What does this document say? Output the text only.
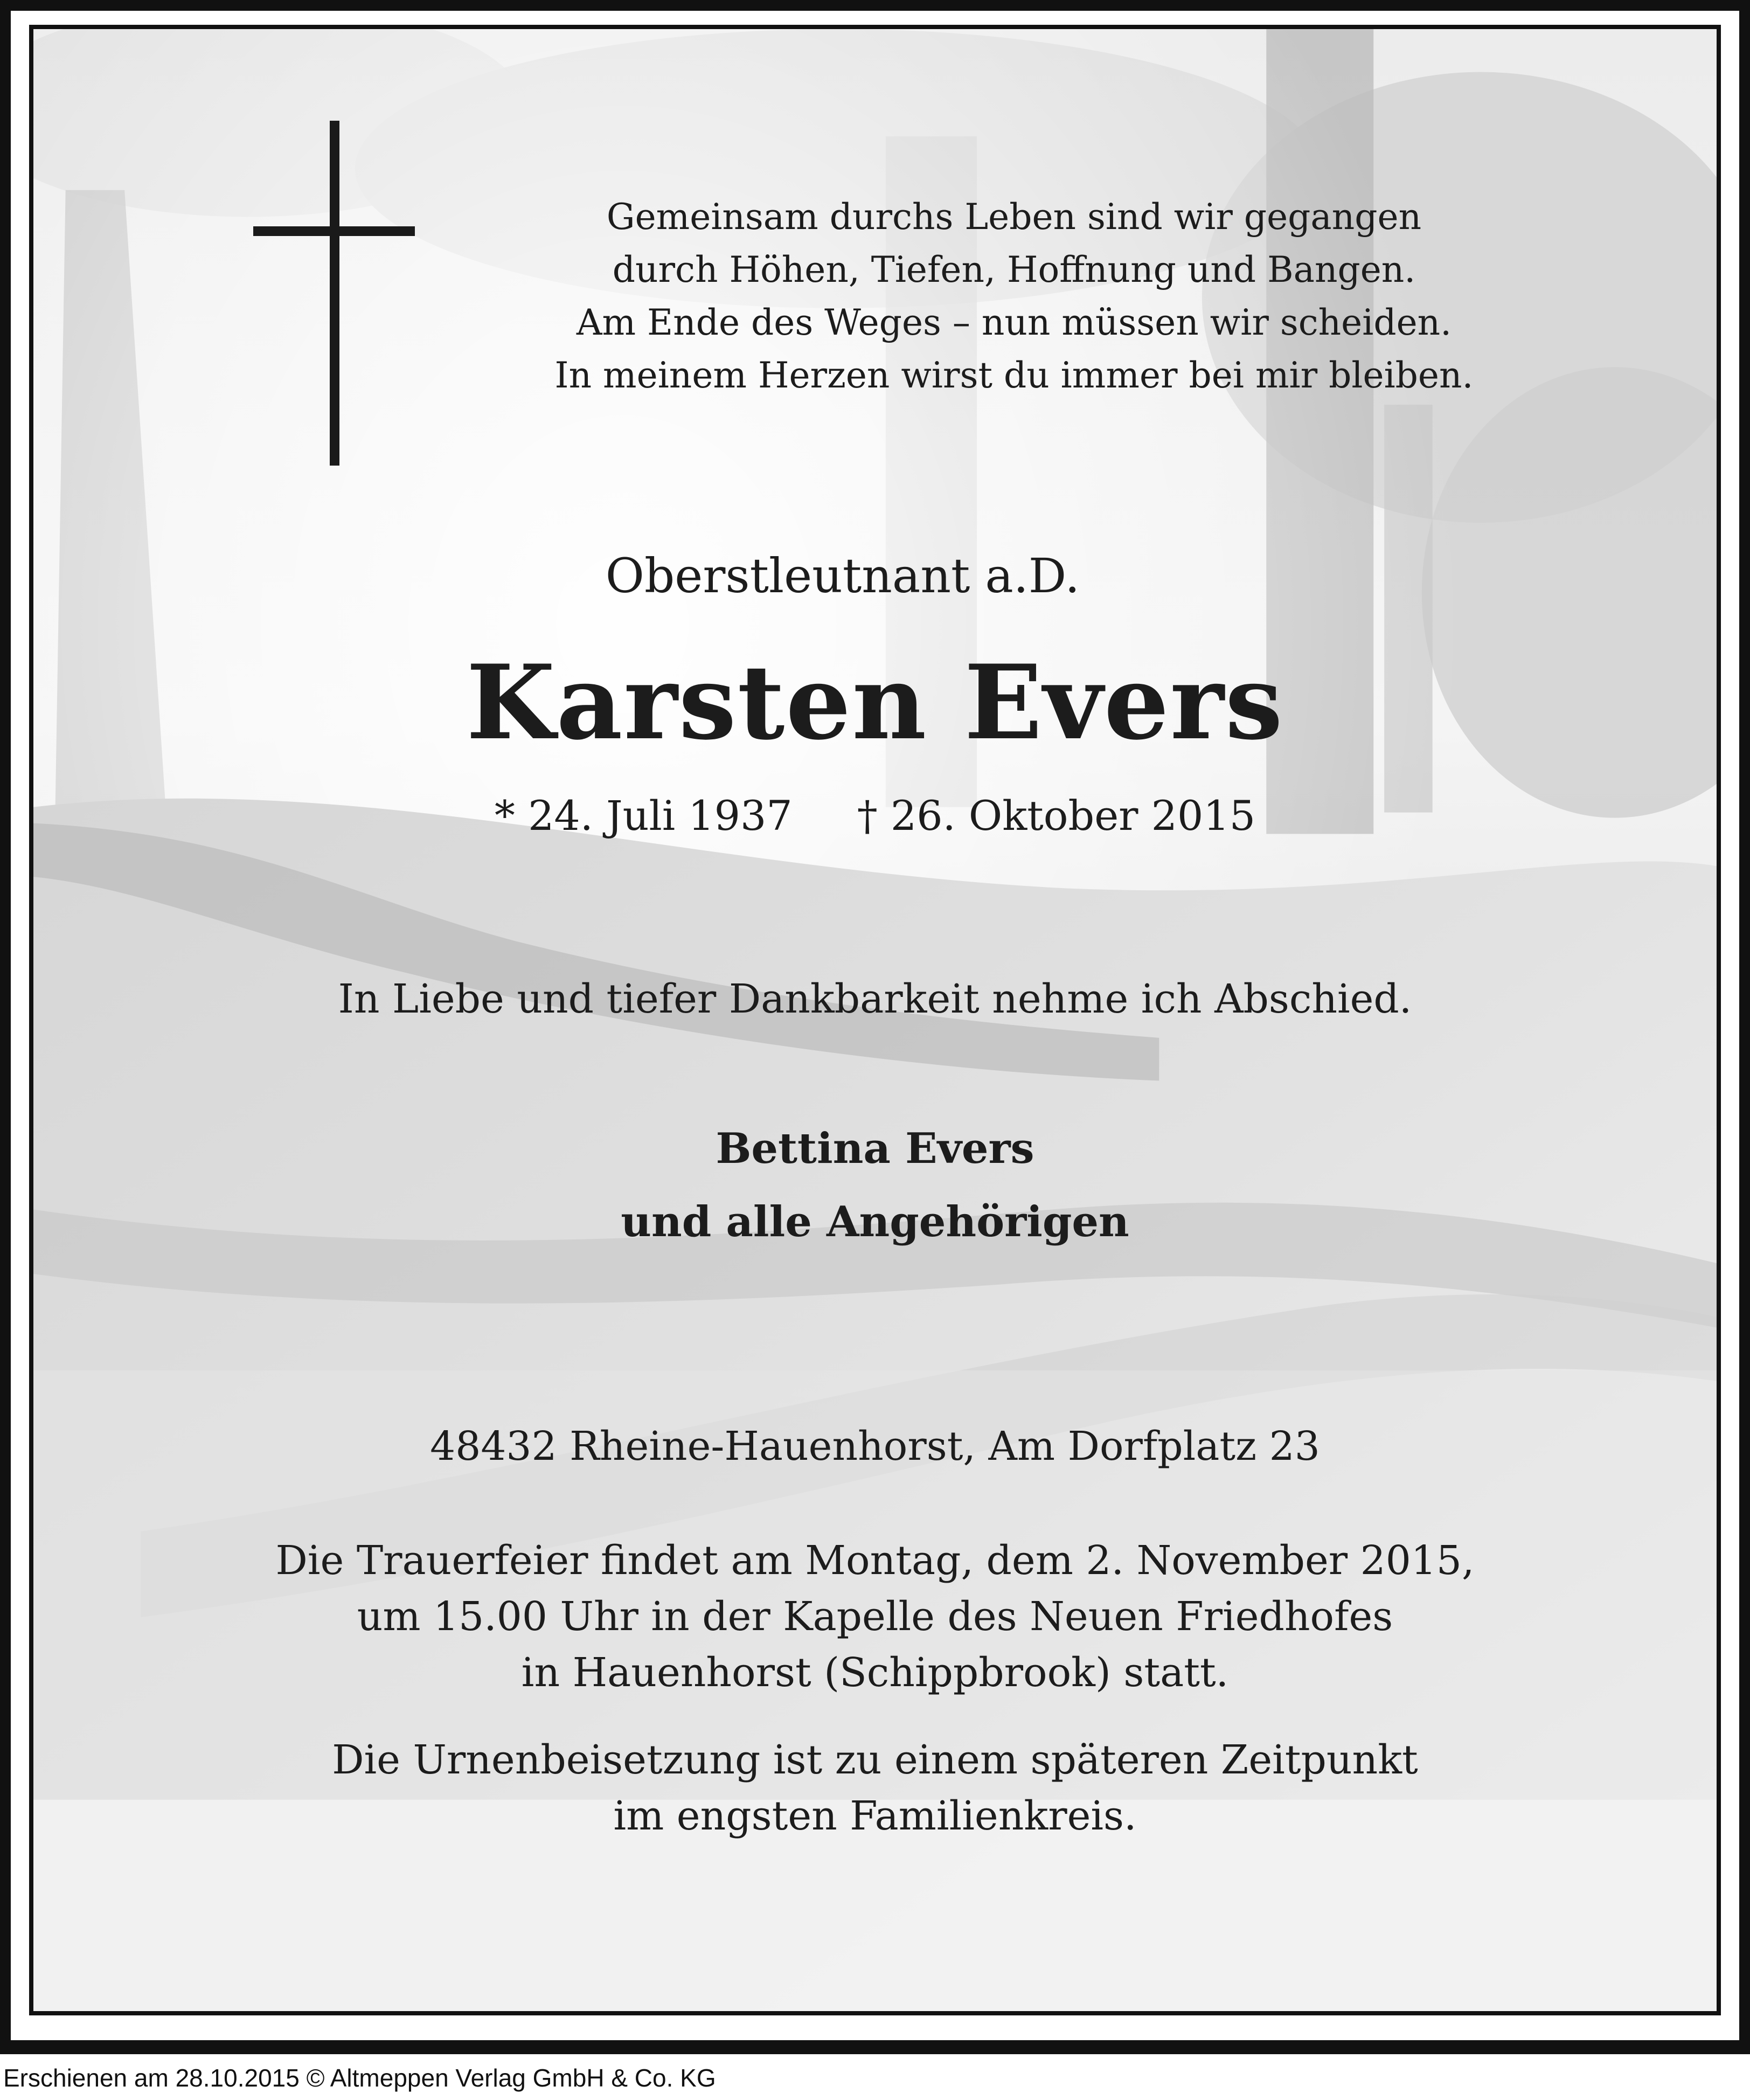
Gemeinsam durchs Leben sind wir gegangen
durch Höhen, Tiefen, Hoffnung und Bangen.
Am Ende des Weges – nun müssen wir scheiden.
In meinem Herzen wirst du immer bei mir bleiben.
Oberstleutnant a.D.
Karsten Evers
* 24. Juli 1937 † 26. Oktober 2015
In Liebe und tiefer Dankbarkeit nehme ich Abschied.
Bettina Evers
und alle Angehörigen
48432 Rheine-Hauenhorst, Am Dorfplatz 23
Die Trauerfeier findet am Montag, dem 2. November 2015,
um 15.00 Uhr in der Kapelle des Neuen Friedhofes
in Hauenhorst (Schippbrook) statt.
Die Urnenbeisetzung ist zu einem späteren Zeitpunkt
im engsten Familienkreis.
Erschienen am 28.10.2015 © Altmeppen Verlag GmbH & Co. KG
